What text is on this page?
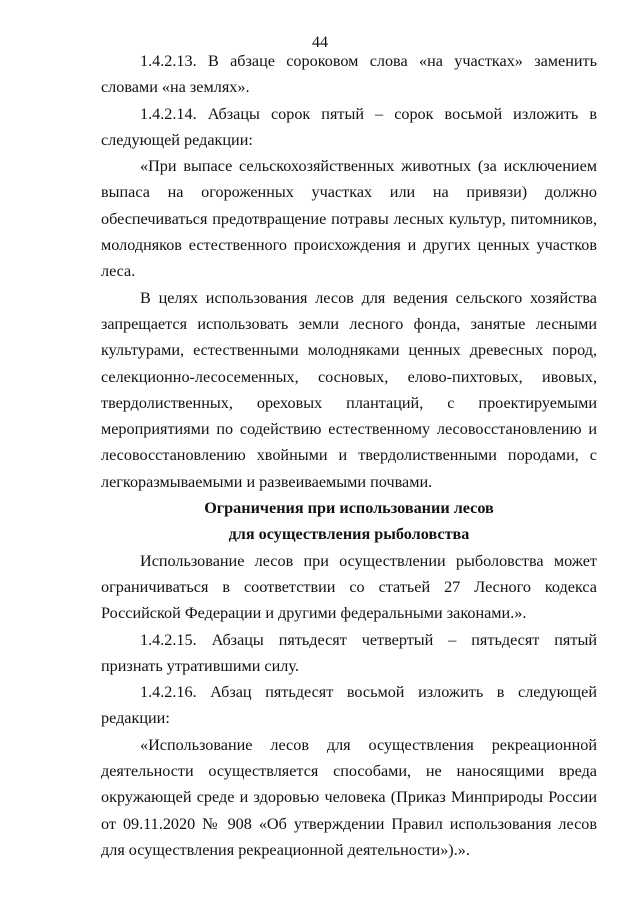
44

1.4.2.13. В абзаце сороковом слова «на участках» заменить словами «на землях».

1.4.2.14. Абзацы сорок пятый – сорок восьмой изложить в следующей редакции:

«При выпасе сельскохозяйственных животных (за исключением выпаса на огороженных участках или на привязи) должно обеспечиваться предотвращение потравы лесных культур, питомников, молодняков естественного происхождения и других ценных участков леса.

В целях использования лесов для ведения сельского хозяйства запрещается использовать земли лесного фонда, занятые лесными культурами, естественными молодняками ценных древесных пород, селекционно-лесосеменных, сосновых, елово-пихтовых, ивовых, твердолиственных, ореховых плантаций, с проектируемыми мероприятиями по содействию естественному лесовосстановлению и лесовосстановлению хвойными и твердолиственными породами, с легкоразмываемыми и развеиваемыми почвами.

Ограничения при использовании лесов

для осуществления рыболовства

Использование лесов при осуществлении рыболовства может ограничиваться в соответствии со статьей 27 Лесного кодекса Российской Федерации и другими федеральными законами.».

1.4.2.15. Абзацы пятьдесят четвертый – пятьдесят пятый признать утратившими силу.

1.4.2.16. Абзац пятьдесят восьмой изложить в следующей редакции:

«Использование лесов для осуществления рекреационной деятельности осуществляется способами, не наносящими вреда окружающей среде и здоровью человека (Приказ Минприроды России от 09.11.2020 № 908 «Об утверждении Правил использования лесов для осуществления рекреационной деятельности»).».
